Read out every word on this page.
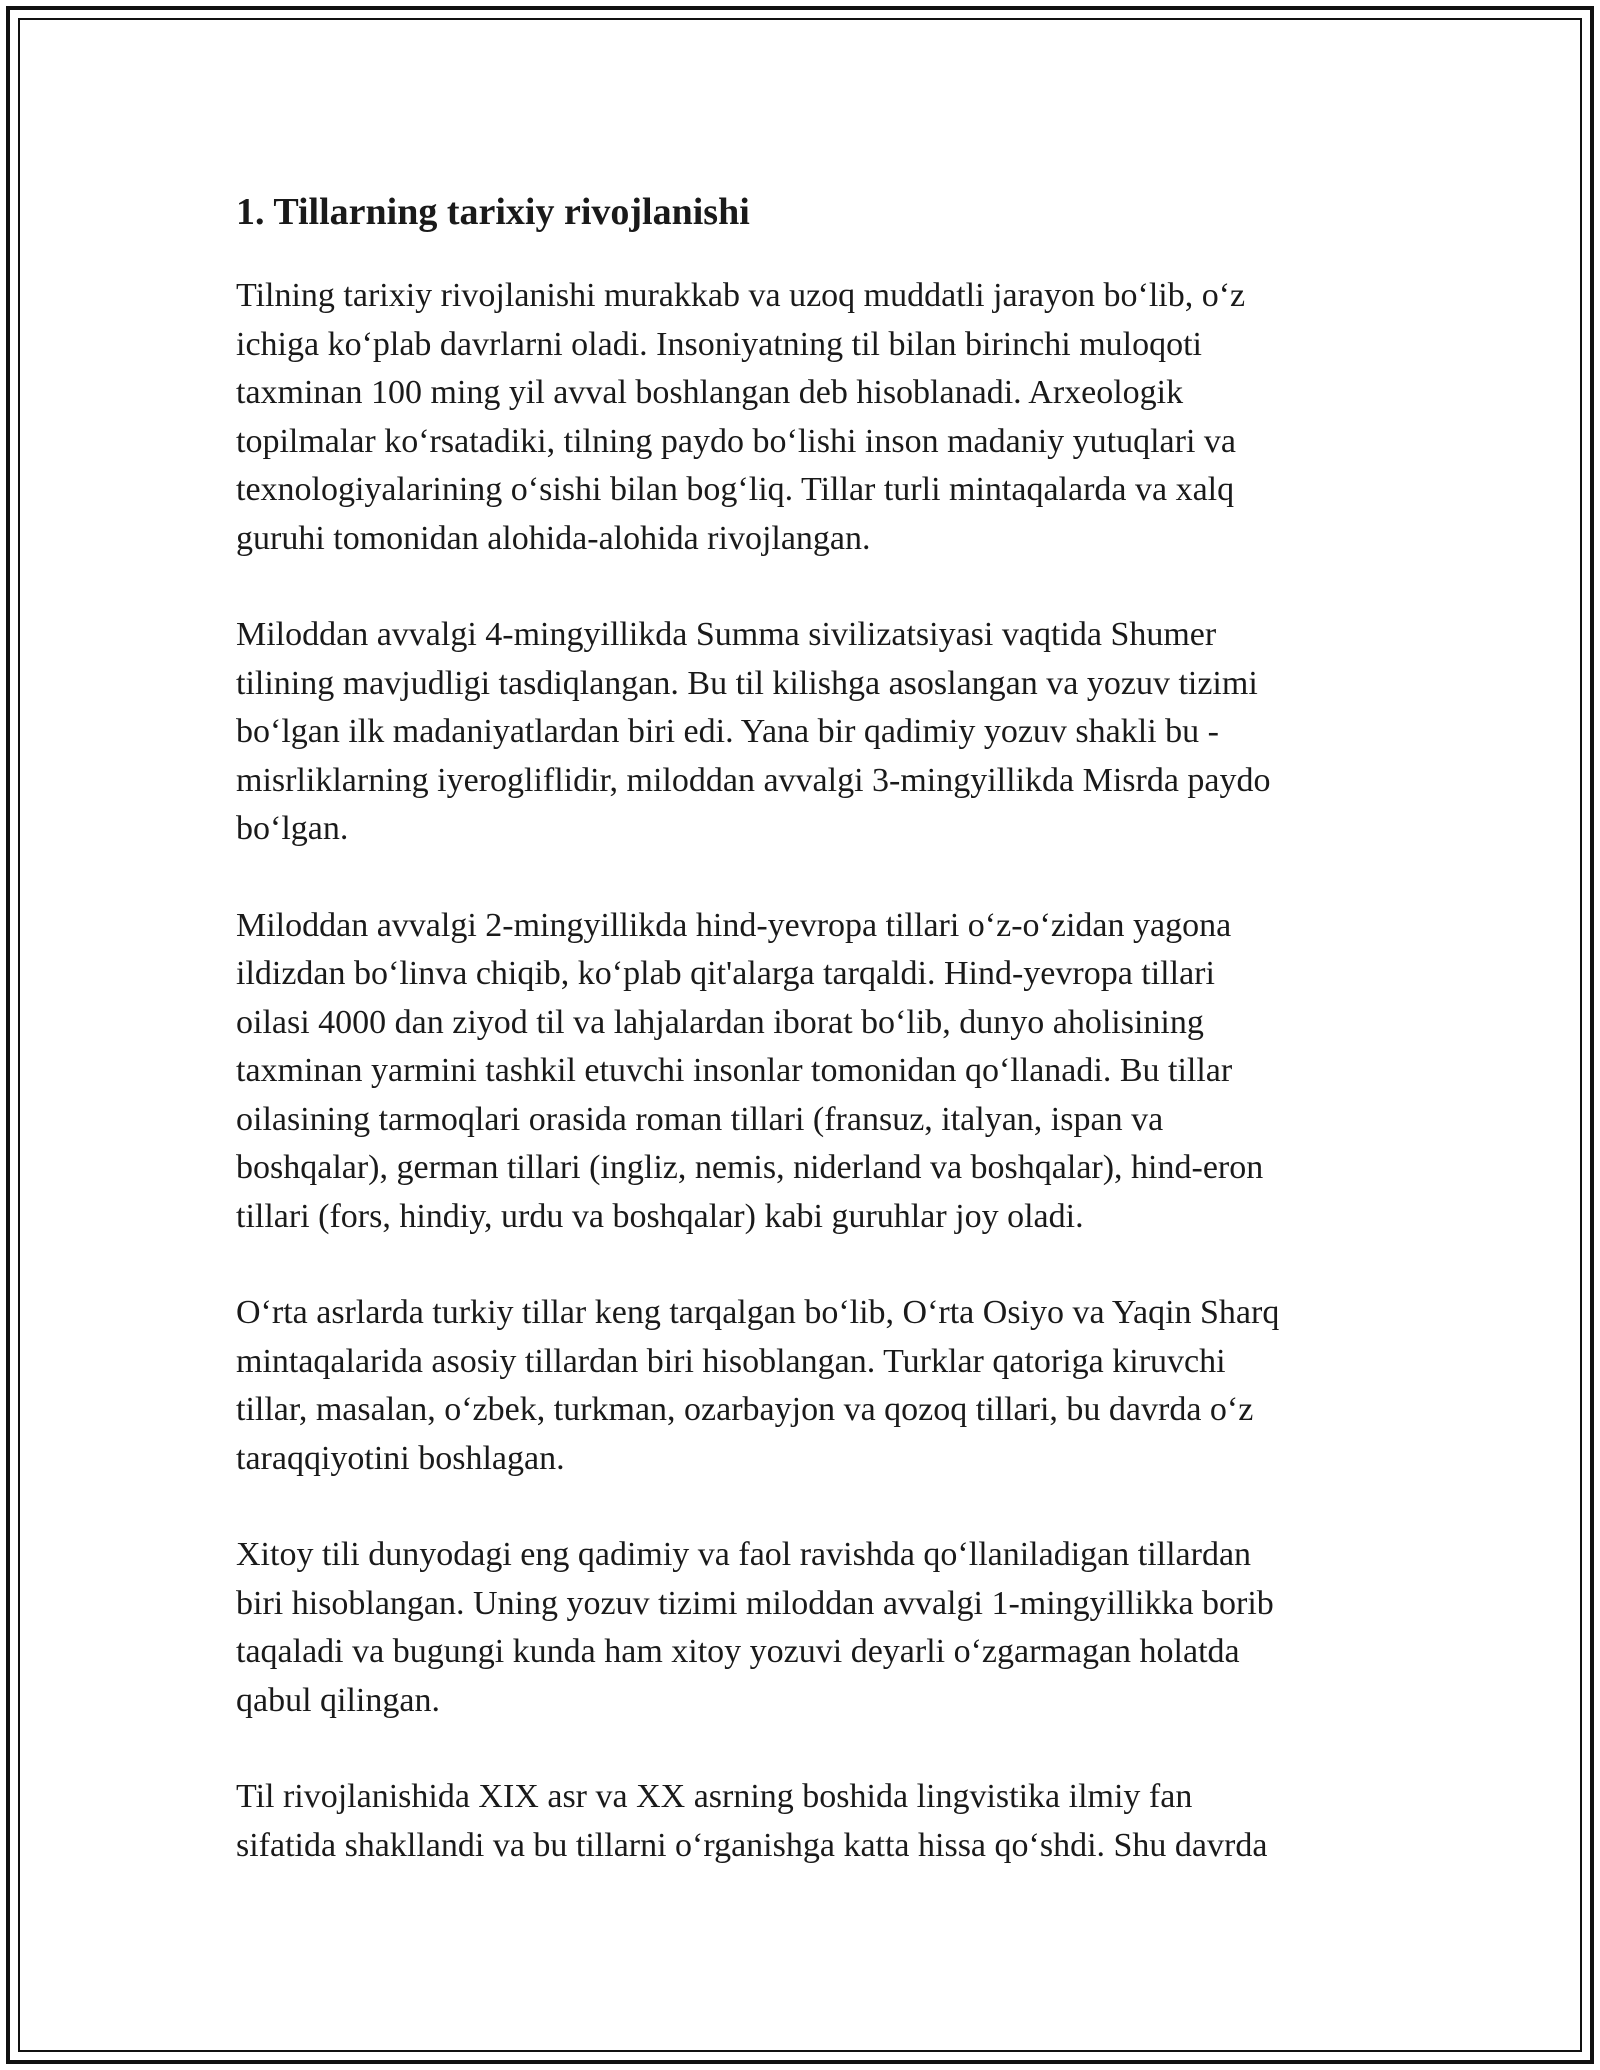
1. Tillarning tarixiy rivojlanishi

Tilning tarixiy rivojlanishi murakkab va uzoq muddatli jarayon bo‘lib, o‘z
ichiga ko‘plab davrlarni oladi. Insoniyatning til bilan birinchi muloqoti
taxminan 100 ming yil avval boshlangan deb hisoblanadi. Arxeologik
topilmalar ko‘rsatadiki, tilning paydo bo‘lishi inson madaniy yutuqlari va
texnologiyalarining o‘sishi bilan bog‘liq. Tillar turli mintaqalarda va xalq
guruhi tomonidan alohida-alohida rivojlangan.

Miloddan avvalgi 4-mingyillikda Summa sivilizatsiyasi vaqtida Shumer
tilining mavjudligi tasdiqlangan. Bu til kilishga asoslangan va yozuv tizimi
bo‘lgan ilk madaniyatlardan biri edi. Yana bir qadimiy yozuv shakli bu -
misrliklarning iyerogliflidir, miloddan avvalgi 3-mingyillikda Misrda paydo
bo‘lgan.

Miloddan avvalgi 2-mingyillikda hind-yevropa tillari o‘z-o‘zidan yagona
ildizdan bo‘linva chiqib, ko‘plab qit'alarga tarqaldi. Hind-yevropa tillari
oilasi 4000 dan ziyod til va lahjalardan iborat bo‘lib, dunyo aholisining
taxminan yarmini tashkil etuvchi insonlar tomonidan qo‘llanadi. Bu tillar
oilasining tarmoqlari orasida roman tillari (fransuz, italyan, ispan va
boshqalar), german tillari (ingliz, nemis, niderland va boshqalar), hind-eron
tillari (fors, hindiy, urdu va boshqalar) kabi guruhlar joy oladi.

O‘rta asrlarda turkiy tillar keng tarqalgan bo‘lib, O‘rta Osiyo va Yaqin Sharq
mintaqalarida asosiy tillardan biri hisoblangan. Turklar qatoriga kiruvchi
tillar, masalan, o‘zbek, turkman, ozarbayjon va qozoq tillari, bu davrda o‘z
taraqqiyotini boshlagan.

Xitoy tili dunyodagi eng qadimiy va faol ravishda qo‘llaniladigan tillardan
biri hisoblangan. Uning yozuv tizimi miloddan avvalgi 1-mingyillikka borib
taqaladi va bugungi kunda ham xitoy yozuvi deyarli o‘zgarmagan holatda
qabul qilingan.

Til rivojlanishida XIX asr va XX asrning boshida lingvistika ilmiy fan
sifatida shakllandi va bu tillarni o‘rganishga katta hissa qo‘shdi. Shu davrda
